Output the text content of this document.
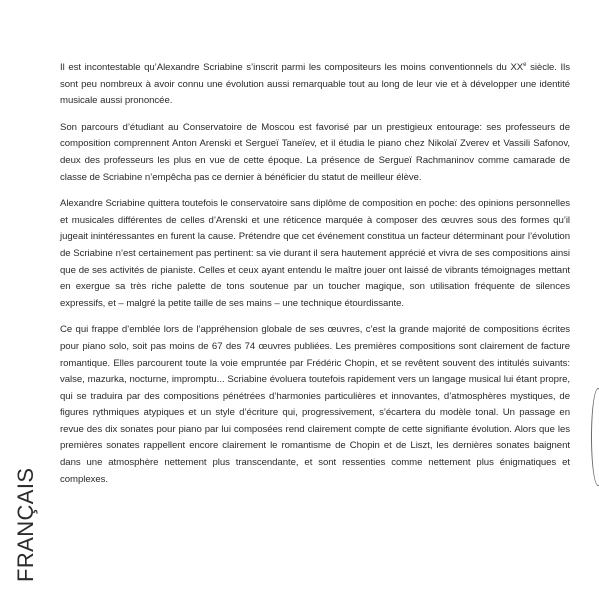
Il est incontestable qu’Alexandre Scriabine s’inscrit parmi les compositeurs les moins conventionnels du XXe siècle. Ils sont peu nombreux à avoir connu une évolution aussi remarquable tout au long de leur vie et à développer une identité musicale aussi prononcée.

Son parcours d’étudiant au Conservatoire de Moscou est favorisé par un prestigieux entourage: ses professeurs de composition comprennent Anton Arenski et Sergueï Taneïev, et il étudia le piano chez Nikolaï Zverev et Vassili Safonov, deux des professeurs les plus en vue de cette époque. La présence de Sergueï Rachmaninov comme camarade de classe de Scriabine n’empêcha pas ce dernier à bénéficier du statut de meilleur élève.

Alexandre Scriabine quittera toutefois le conservatoire sans diplôme de composition en poche: des opinions personnelles et musicales différentes de celles d’Arenski et une réticence marquée à composer des œuvres sous des formes qu’il jugeait inintéressantes en furent la cause. Prétendre que cet événement constitua un facteur déterminant pour l’évolution de Scriabine n’est certainement pas pertinent: sa vie durant il sera hautement apprécié et vivra de ses compositions ainsi que de ses activités de pianiste. Celles et ceux ayant entendu le maître jouer ont laissé de vibrants témoignages mettant en exergue sa très riche palette de tons soutenue par un toucher magique, son utilisation fréquente de silences expressifs, et – malgré la petite taille de ses mains – une technique étourdissante.

Ce qui frappe d’emblée lors de l’appréhension globale de ses œuvres, c’est la grande majorité de compositions écrites pour piano solo, soit pas moins de 67 des 74 œuvres publiées. Les premières compositions sont clairement de facture romantique. Elles parcourent toute la voie empruntée par Frédéric Chopin, et se revêtent souvent des intitulés suivants: valse, mazurka, nocturne, impromptu... Scriabine évoluera toutefois rapidement vers un langage musical lui étant propre, qui se traduira par des compositions pénétrées d’harmonies particulières et innovantes, d’atmosphères mystiques, de figures rythmiques atypiques et un style d’écriture qui, progressivement, s’écartera du modèle tonal. Un passage en revue des dix sonates pour piano par lui composées rend clairement compte de cette signifiante évolution. Alors que les premières sonates rappellent encore clairement le romantisme de Chopin et de Liszt, les dernières sonates baignent dans une atmosphère nettement plus transcendante, et sont ressenties comme nettement plus énigmatiques et complexes.

FRANÇAIS
